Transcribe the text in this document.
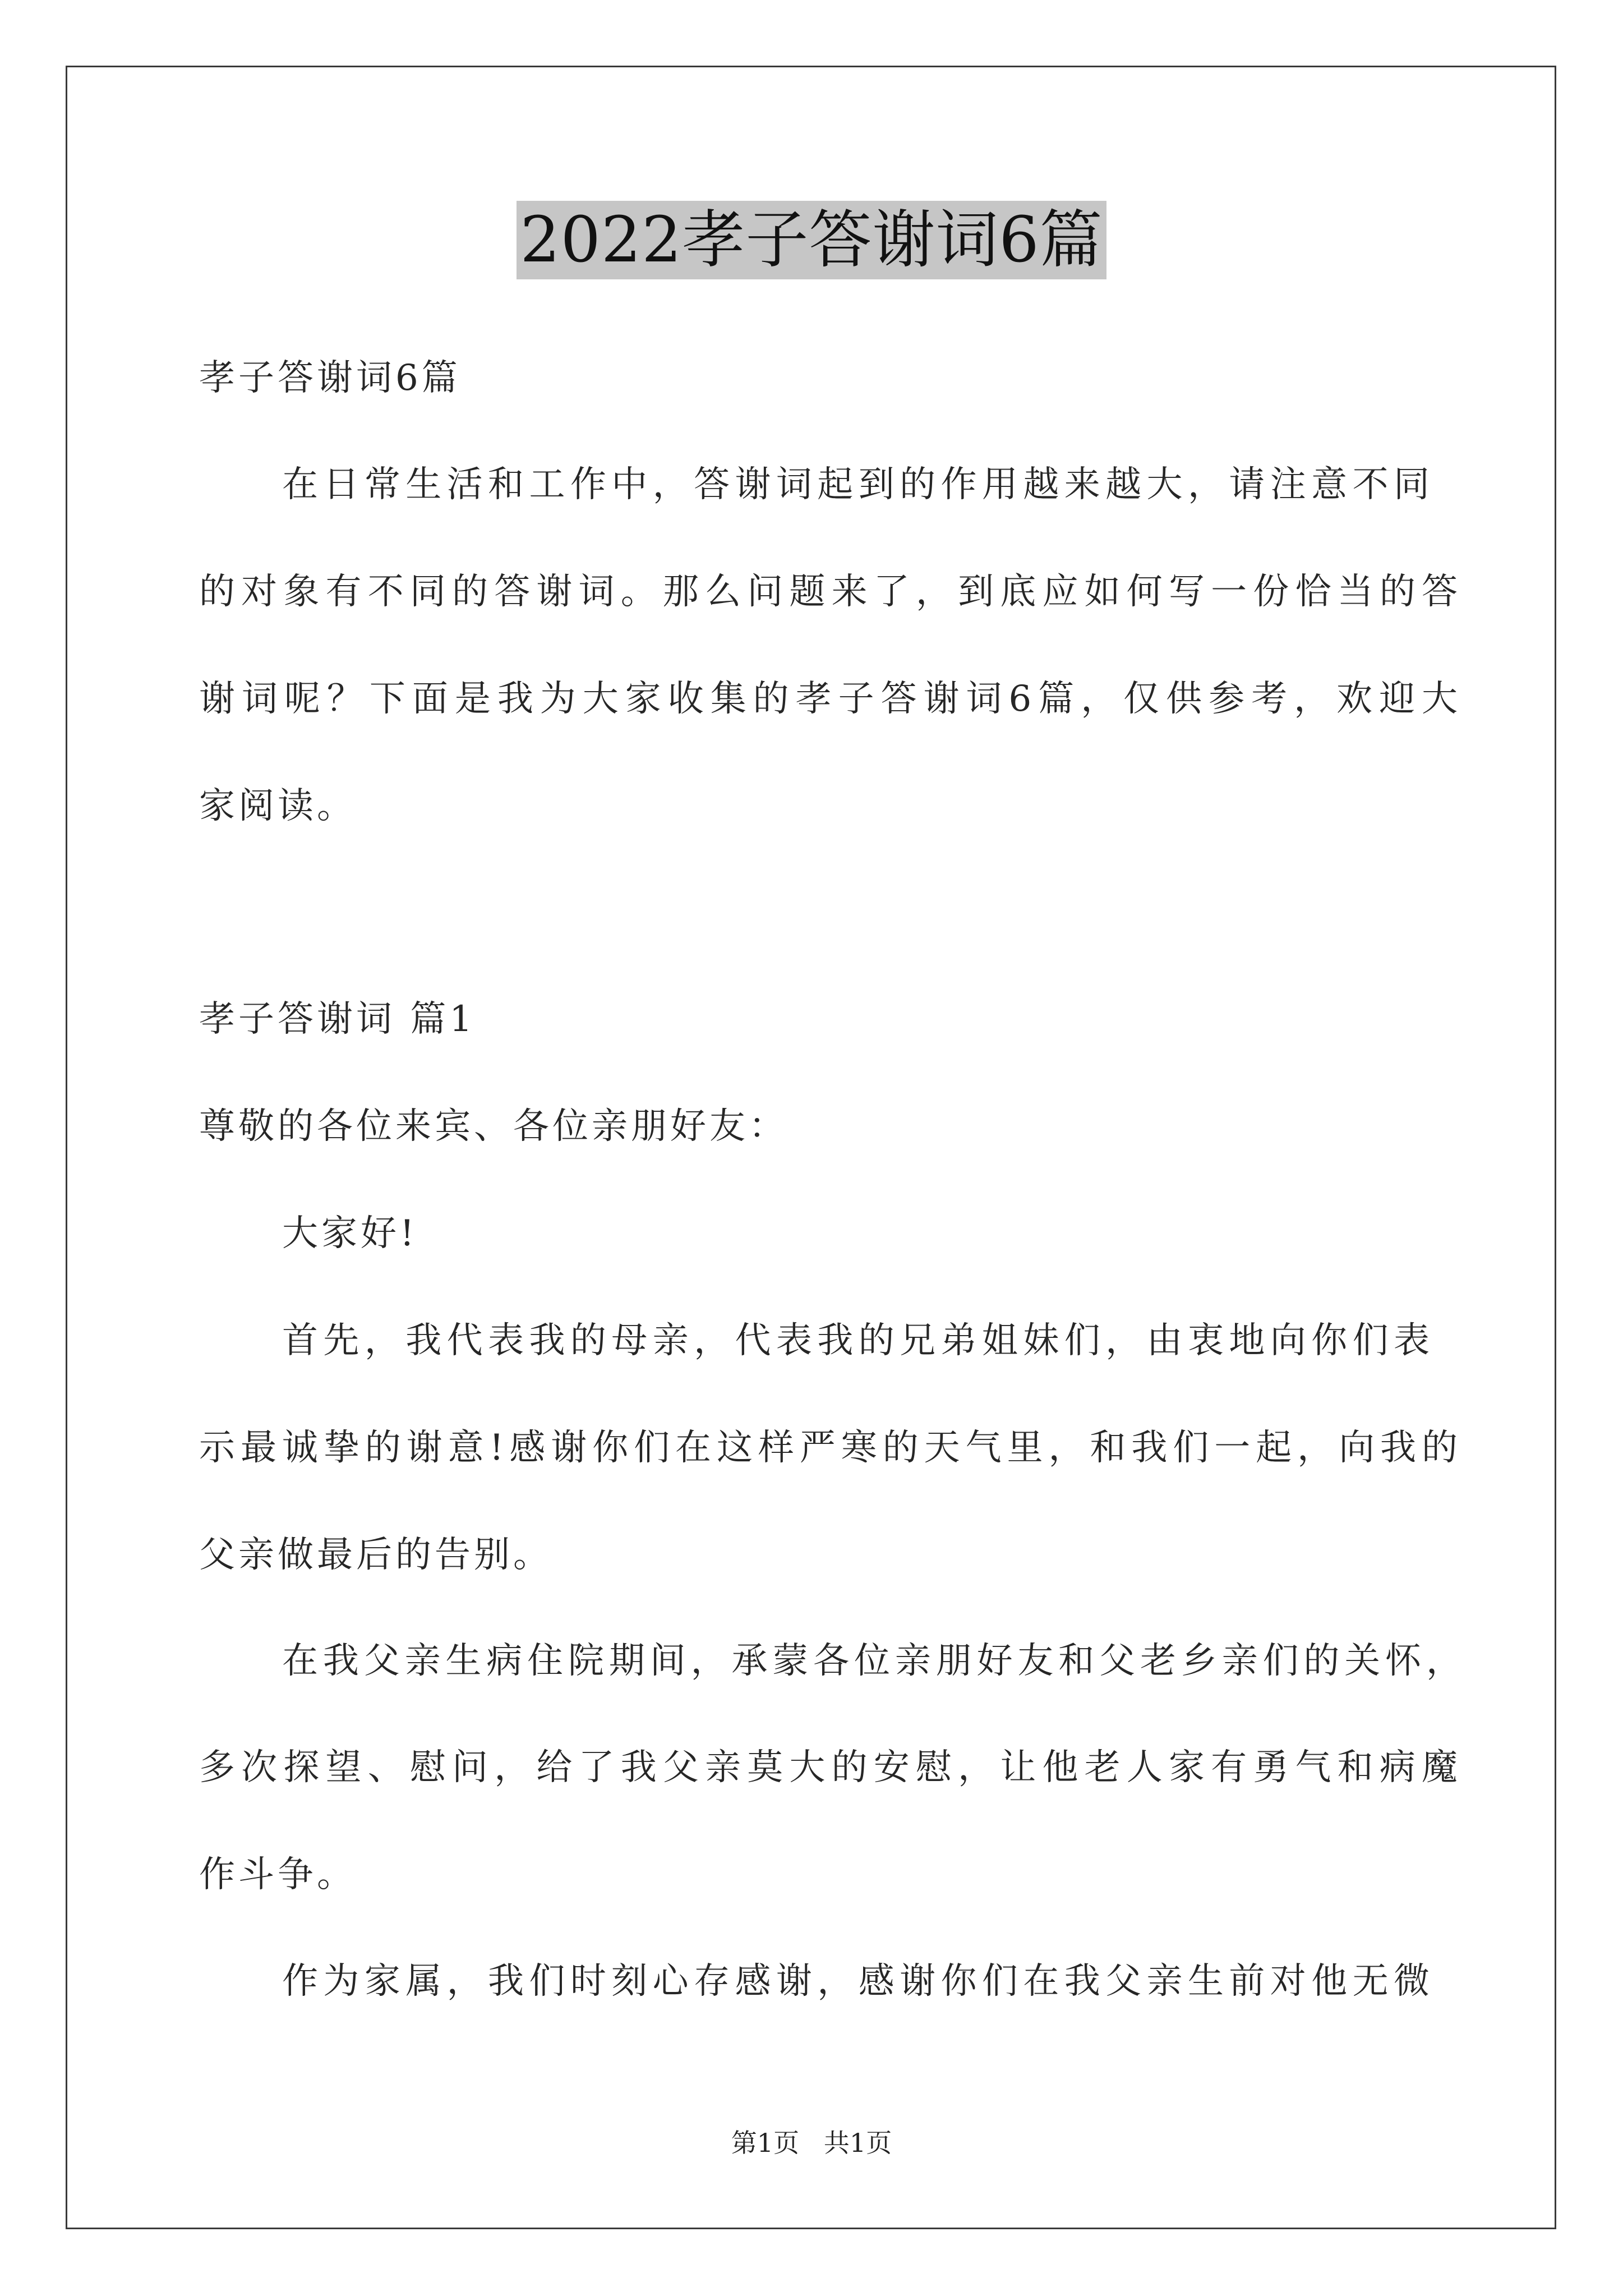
2022孝子答谢词6篇
孝子答谢词6篇
在日常生活和工作中，答谢词起到的作用越来越大，请注意不同
的对象有不同的答谢词。那么问题来了，到底应如何写一份恰当的答
谢词呢？下面是我为大家收集的孝子答谢词6篇，仅供参考，欢迎大
家阅读。
孝子答谢词 篇1
尊敬的各位来宾、各位亲朋好友：
大家好!
首先，我代表我的母亲，代表我的兄弟姐妹们，由衷地向你们表
示最诚挚的谢意!感谢你们在这样严寒的天气里，和我们一起，向我的
父亲做最后的告别。
在我父亲生病住院期间，承蒙各位亲朋好友和父老乡亲们的关怀，
多次探望、慰问，给了我父亲莫大的安慰，让他老人家有勇气和病魔
作斗争。
作为家属，我们时刻心存感谢，感谢你们在我父亲生前对他无微
第1页   共1页
